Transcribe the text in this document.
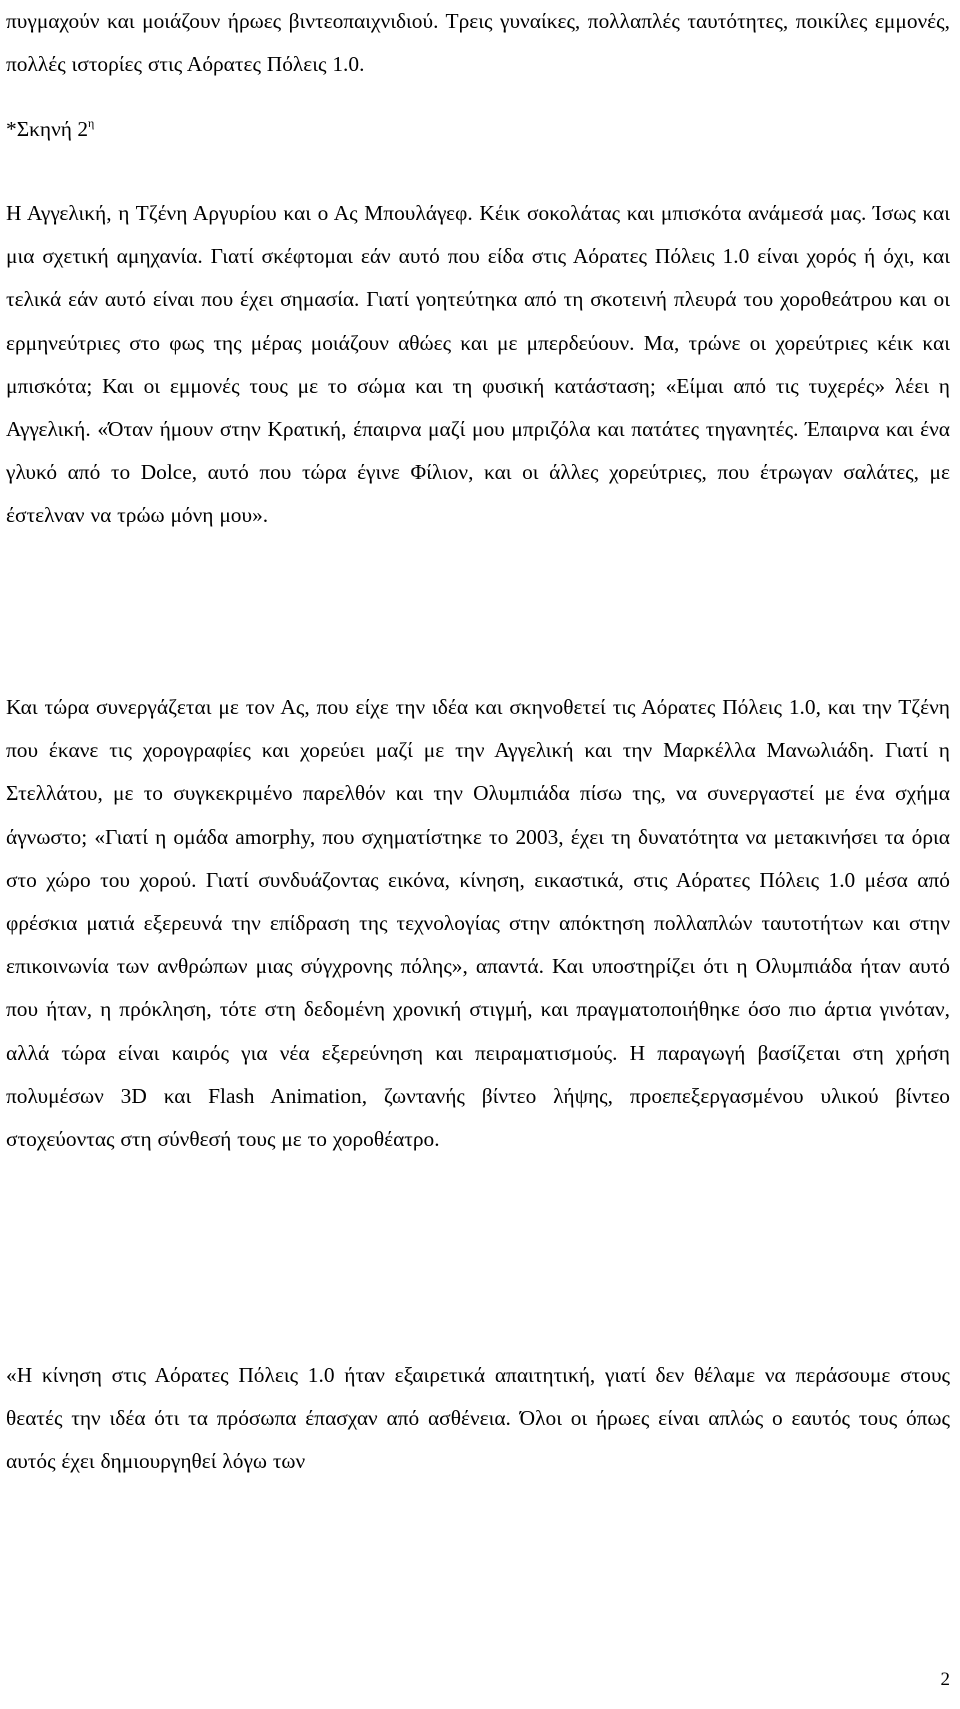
πυγμαχούν και μοιάζουν ήρωες βιντεοπαιχνιδιού. Τρεις γυναίκες, πολλαπλές ταυτότητες, ποικίλες εμμονές, πολλές ιστορίες στις Αόρατες Πόλεις 1.0.

*Σκηνή $2^\eta$

Η Αγγελική, η Τζένη Αργυρίου και ο Ας Μπουλάγεφ. Κέικ σοκολάτας και μπισκότα ανάμεσά μας. Ίσως και μια σχετική αμηχανία. Γιατί σκέφτομαι εάν αυτό που είδα στις Αόρατες Πόλεις 1.0 είναι χορός ή όχι, και τελικά εάν αυτό είναι που έχει σημασία. Γιατί γοητεύτηκα από τη σκοτεινή πλευρά του χοροθεάτρου και οι ερμηνεύτριες στο φως της μέρας μοιάζουν αθώες και με μπερδεύουν. Μα, τρώνε οι χορεύτριες κέικ και μπισκότα; Και οι εμμονές τους με το σώμα και τη φυσική κατάσταση; «Είμαι από τις τυχερές» λέει η Αγγελική. «Όταν ήμουν στην Κρατική, έπαιρνα μαζί μου μπριζόλα και πατάτες τηγανητές. Έπαιρνα και ένα γλυκό από το Dolce, αυτό που τώρα έγινε Φίλιον, και οι άλλες χορεύτριες, που έτρωγαν σαλάτες, με έστελναν να τρώω μόνη μου».

Και τώρα συνεργάζεται με τον Ας, που είχε την ιδέα και σκηνοθετεί τις Αόρατες Πόλεις 1.0, και την Τζένη που έκανε τις χορογραφίες και χορεύει μαζί με την Αγγελική και την Μαρκέλλα Μανωλιάδη. Γιατί η Στελλάτου, με το συγκεκριμένο παρελθόν και την Ολυμπιάδα πίσω της, να συνεργαστεί με ένα σχήμα άγνωστο; «Γιατί η ομάδα amorphy, που σχηματίστηκε το 2003, έχει τη δυνατότητα να μετακινήσει τα όρια στο χώρο του χορού. Γιατί συνδυάζοντας εικόνα, κίνηση, εικαστικά, στις Αόρατες Πόλεις 1.0 μέσα από φρέσκια ματιά εξερευνά την επίδραση της τεχνολογίας στην απόκτηση πολλαπλών ταυτοτήτων και στην επικοινωνία των ανθρώπων μιας σύγχρονης πόλης», απαντά. Και υποστηρίζει ότι η Ολυμπιάδα ήταν αυτό που ήταν, η πρόκληση, τότε στη δεδομένη χρονική στιγμή, και πραγματοποιήθηκε όσο πιο άρτια γινόταν, αλλά τώρα είναι καιρός για νέα εξερεύνηση και πειραματισμούς. Η παραγωγή βασίζεται στη χρήση πολυμέσων 3D και Flash Animation, ζωντανής βίντεο λήψης, προεπεξεργασμένου υλικού βίντεο στοχεύοντας στη σύνθεσή τους με το χοροθέατρο.

«Η κίνηση στις Αόρατες Πόλεις 1.0 ήταν εξαιρετικά απαιτητική, γιατί δεν θέλαμε να περάσουμε στους θεατές την ιδέα ότι τα πρόσωπα έπασχαν από ασθένεια. Όλοι οι ήρωες είναι απλώς ο εαυτός τους όπως αυτός έχει δημιουργηθεί λόγω των

2
